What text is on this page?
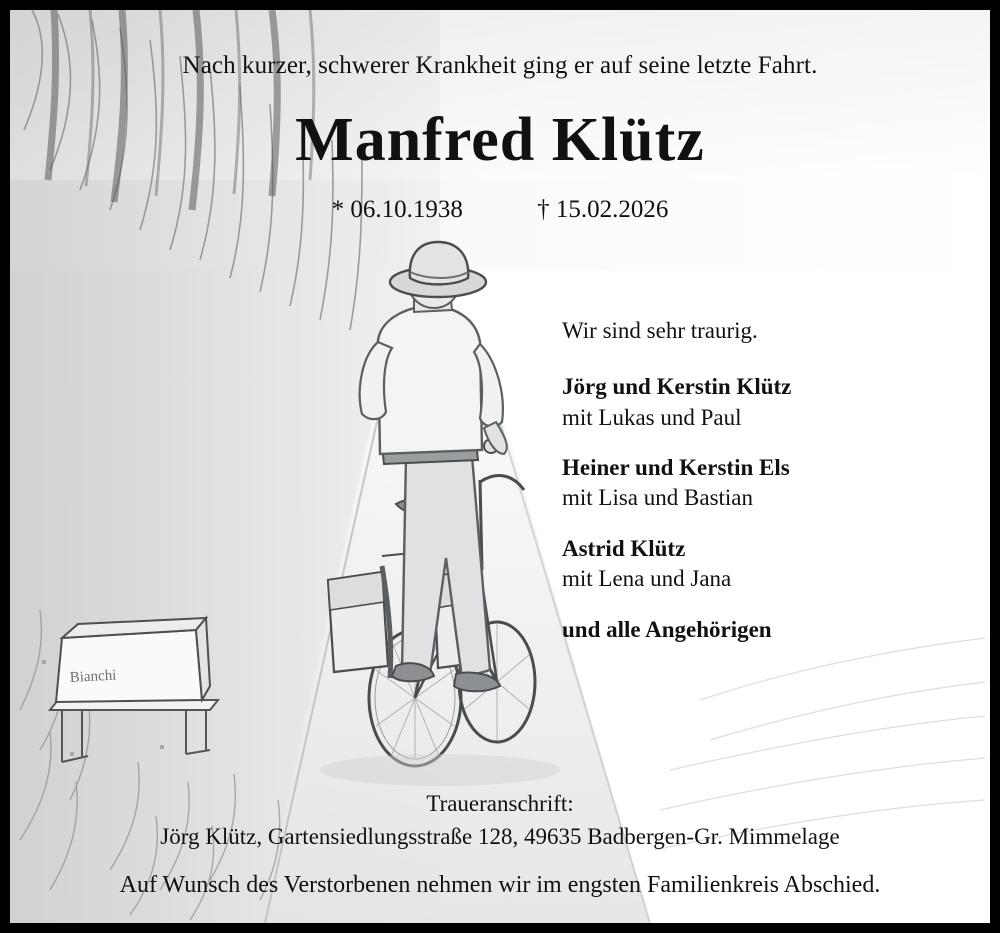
Bianchi
Nach kurzer, schwerer Krankheit ging er auf seine letzte Fahrt.
Manfred Klütz
* 06.10.1938	† 15.02.2026
Wir sind sehr traurig.
Jörg und Kerstin Klütz
mit Lukas und Paul
Heiner und Kerstin Els
mit Lisa und Bastian
Astrid Klütz
mit Lena und Jana
und alle Angehörigen
Traueranschrift:
Jörg Klütz, Gartensiedlungsstraße 128, 49635 Badbergen-Gr. Mimmelage
Auf Wunsch des Verstorbenen nehmen wir im engsten Familienkreis Abschied.
